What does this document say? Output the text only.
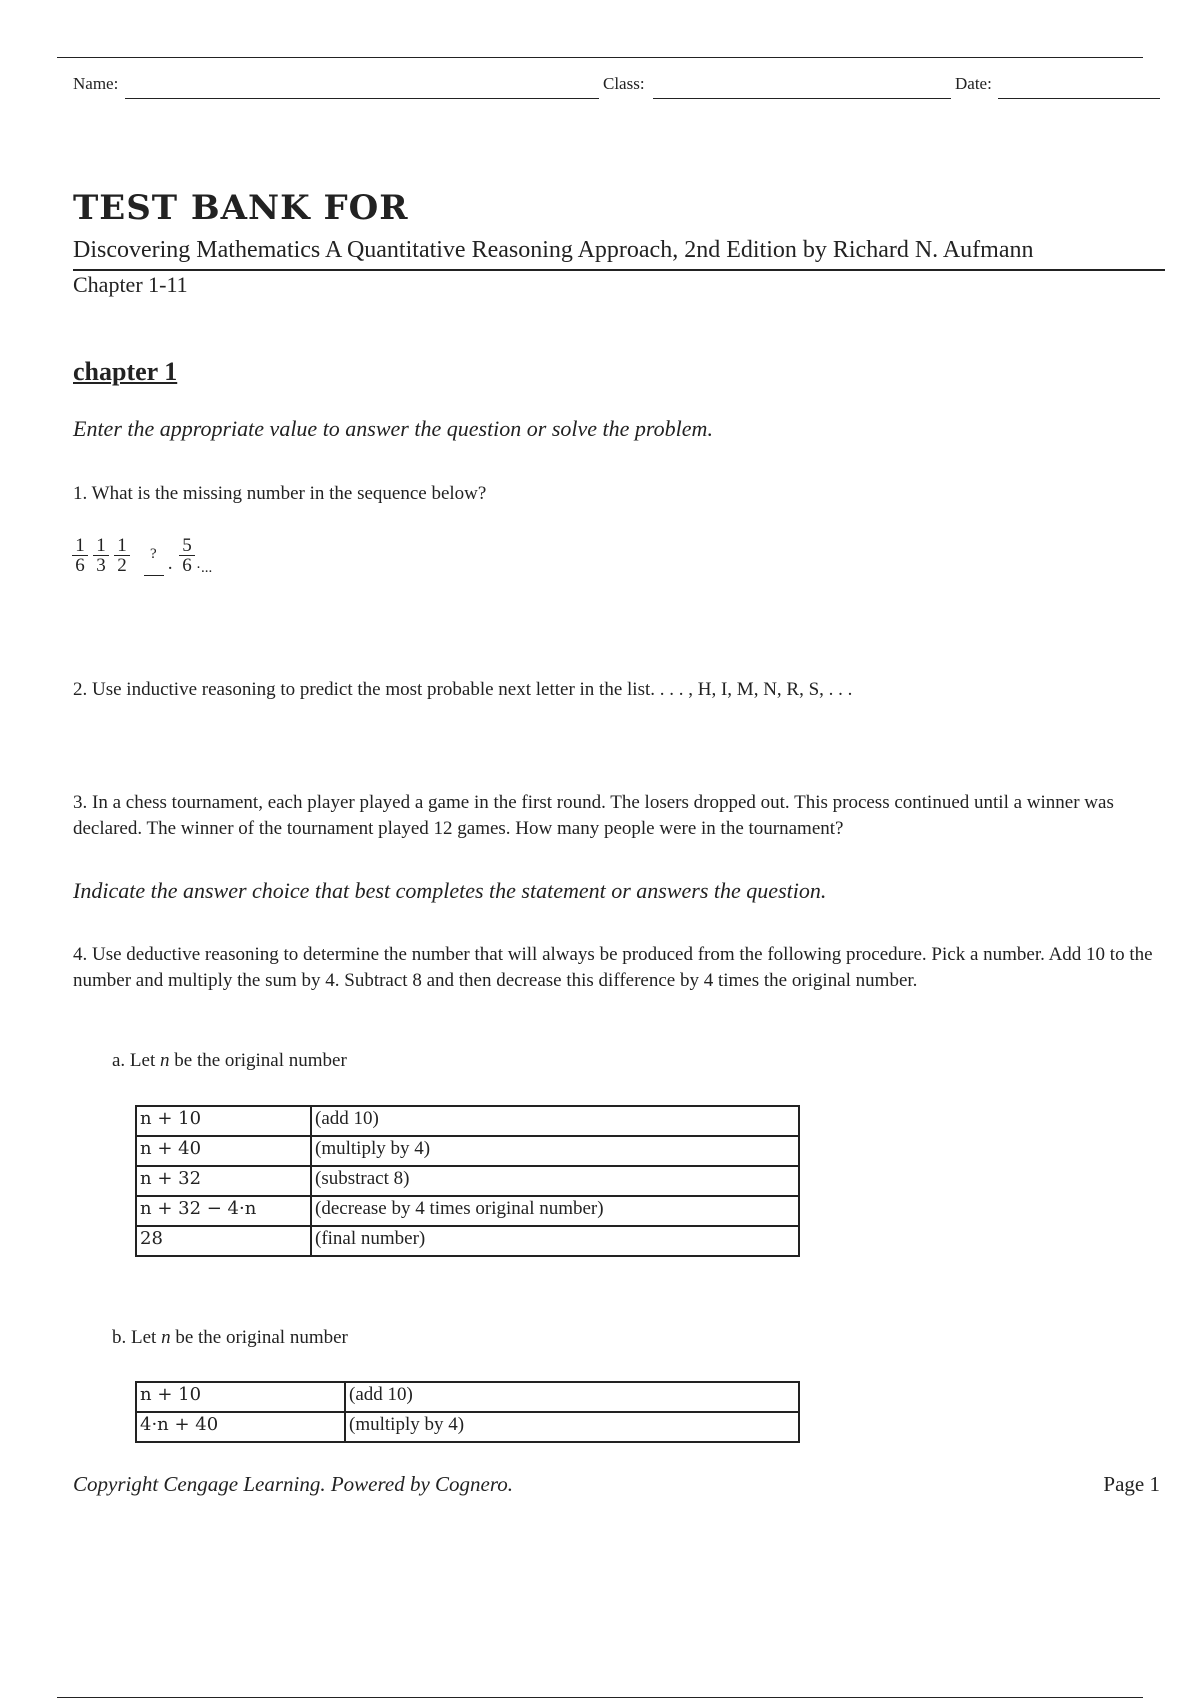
Name:	Class:	Date:
TEST BANK FOR
Discovering Mathematics A Quantitative Reasoning Approach, 2nd Edition by Richard N. Aufmann
Chapter 1-11
chapter 1
Enter the appropriate value to answer the question or solve the problem.
1. What is the missing number in the sequence below?
$\frac{1}{6} \frac{1}{3} \frac{1}{2}$ ?
· $\frac{5}{6}$ ·...
2. Use inductive reasoning to predict the most probable next letter in the list. . . . , H, I, M, N, R, S, . . .
3. In a chess tournament, each player played a game in the first round. The losers dropped out. This process continued until a winner was declared. The winner of the tournament played 12 games. How many people were in the tournament?
Indicate the answer choice that best completes the statement or answers the question.
4. Use deductive reasoning to determine the number that will always be produced from the following procedure. Pick a number. Add 10 to the number and multiply the sum by 4. Subtract 8 and then decrease this difference by 4 times the original number.
a. Let n be the original number
n + 10	(add 10)
n + 40	(multiply by 4)
n + 32	(substract 8)
n + 32 − 4·n	(decrease by 4 times original number)
28	(final number)
b. Let n be the original number
n + 10	(add 10)
4·n + 40	(multiply by 4)
Copyright Cengage Learning. Powered by Cognero.	Page 1
